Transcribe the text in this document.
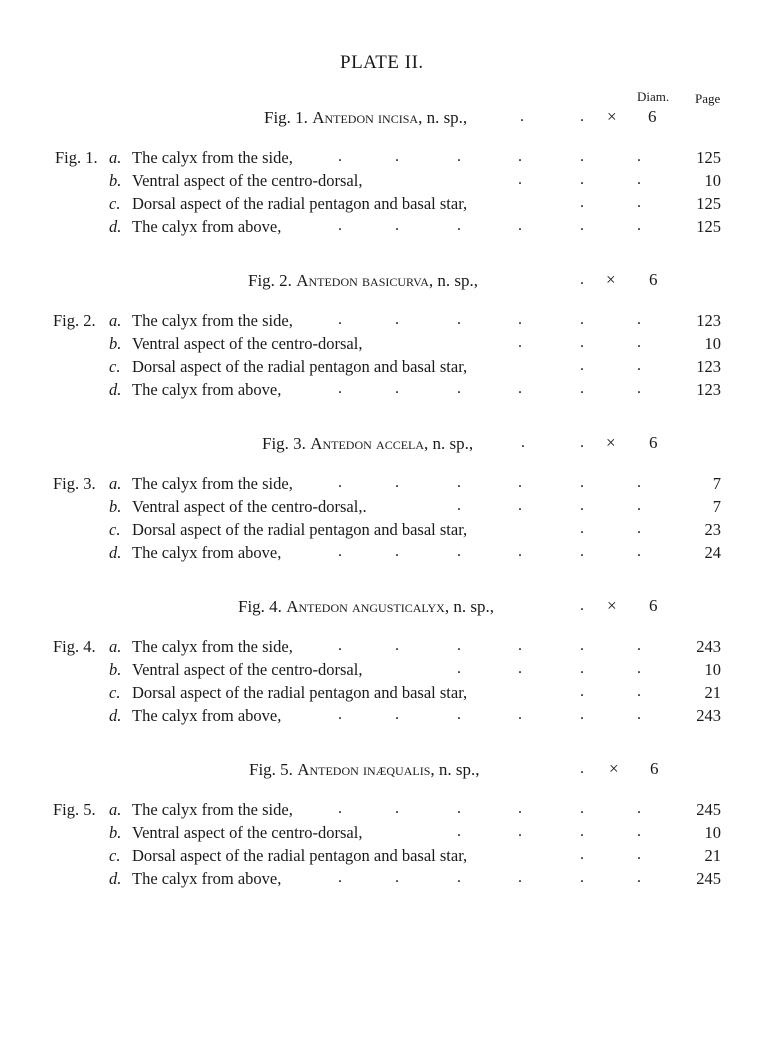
PLATE II.
Diam. Page
Fig. 1. Antedon incisa, n. sp.,	.	. × 6
Fig. 1. a. The calyx from the side,	.	.	.	.	.	.	125
b. Ventral aspect of the centro-dorsal,	.	.	.	10
c. Dorsal aspect of the radial pentagon and basal star,	.	.	125
d. The calyx from above,	.	.	.	.	.	.	125
Fig. 2. Antedon basicurva, n. sp.,	. × 6
Fig. 2. a. The calyx from the side,	.	.	.	.	.	.	123
b. Ventral aspect of the centro-dorsal,	.	.	.	10
c. Dorsal aspect of the radial pentagon and basal star,	.	.	123
d. The calyx from above,	.	.	.	.	.	.	123
Fig. 3. Antedon accela, n. sp.,	.	. × 6
Fig. 3. a. The calyx from the side,	.	.	.	.	.	.	7
b. Ventral aspect of the centro-dorsal,.	.	.	.	.	7
c. Dorsal aspect of the radial pentagon and basal star,	.	.	23
d. The calyx from above,	.	.	.	.	.	.	24
Fig. 4. Antedon angusticalyx, n. sp.,	. × 6
Fig. 4. a. The calyx from the side,	.	.	.	.	.	.	243
b. Ventral aspect of the centro-dorsal,	.	.	.	.	10
c. Dorsal aspect of the radial pentagon and basal star,	.	.	21
d. The calyx from above,	.	.	.	.	.	.	243
Fig. 5. Antedon inæqualis, n. sp.,	. × 6
Fig. 5. a. The calyx from the side,	.	.	.	.	.	.	245
b. Ventral aspect of the centro-dorsal,	.	.	.	.	10
c. Dorsal aspect of the radial pentagon and basal star,	.	.	21
d. The calyx from above,	.	.	.	.	.	.	245
